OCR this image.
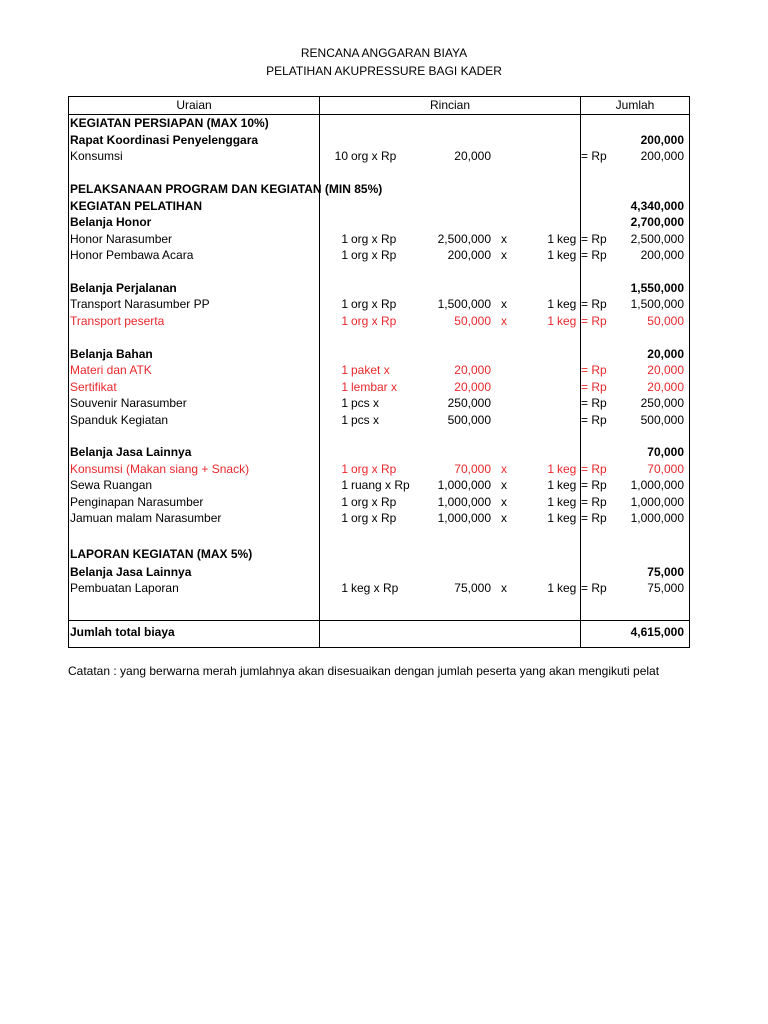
RENCANA ANGGARAN BIAYA
PELATIHAN AKUPRESSURE BAGI KADER
Uraian	Rincian	Jumlah
KEGIATAN PERSIAPAN (MAX 10%)
Rapat Koordinasi Penyelenggara	200,000
Konsumsi	10 org x Rp	20,000	= Rp	200,000
PELAKSANAAN PROGRAM DAN KEGIATAN (MIN 85%)
KEGIATAN PELATIHAN	4,340,000
Belanja Honor	2,700,000
Honor Narasumber	1 org x Rp	2,500,000 x	1 keg = Rp 2,500,000
Honor Pembawa Acara	1 org x Rp	200,000 x	1 keg = Rp	200,000
Belanja Perjalanan	1,550,000
Transport Narasumber PP	1 org x Rp	1,500,000 x	1 keg = Rp 1,500,000
Transport peserta	1 org x Rp	50,000 x	1 keg = Rp	50,000
Belanja Bahan	20,000
Materi dan ATK	1 paket x	20,000	= Rp	20,000
Sertifikat	1 lembar x	20,000	= Rp	20,000
Souvenir Narasumber	1 pcs x	250,000	= Rp	250,000
Spanduk Kegiatan	1 pcs x	500,000	= Rp	500,000
Belanja Jasa Lainnya	70,000
Konsumsi (Makan siang + Snack)	1 org x Rp	70,000 x	1 keg = Rp	70,000
Sewa Ruangan	1 ruang x Rp 1,000,000 x	1 keg = Rp 1,000,000
Penginapan Narasumber	1 org x Rp	1,000,000 x	1 keg = Rp 1,000,000
Jamuan malam Narasumber	1 org x Rp	1,000,000 x	1 keg = Rp 1,000,000
LAPORAN KEGIATAN (MAX 5%)
Belanja Jasa Lainnya	75,000
Pembuatan Laporan	1 keg x Rp	75,000 x	1 keg = Rp	75,000
Jumlah total biaya	4,615,000
Catatan : yang berwarna merah jumlahnya akan disesuaikan dengan jumlah peserta yang akan mengikuti pelat
